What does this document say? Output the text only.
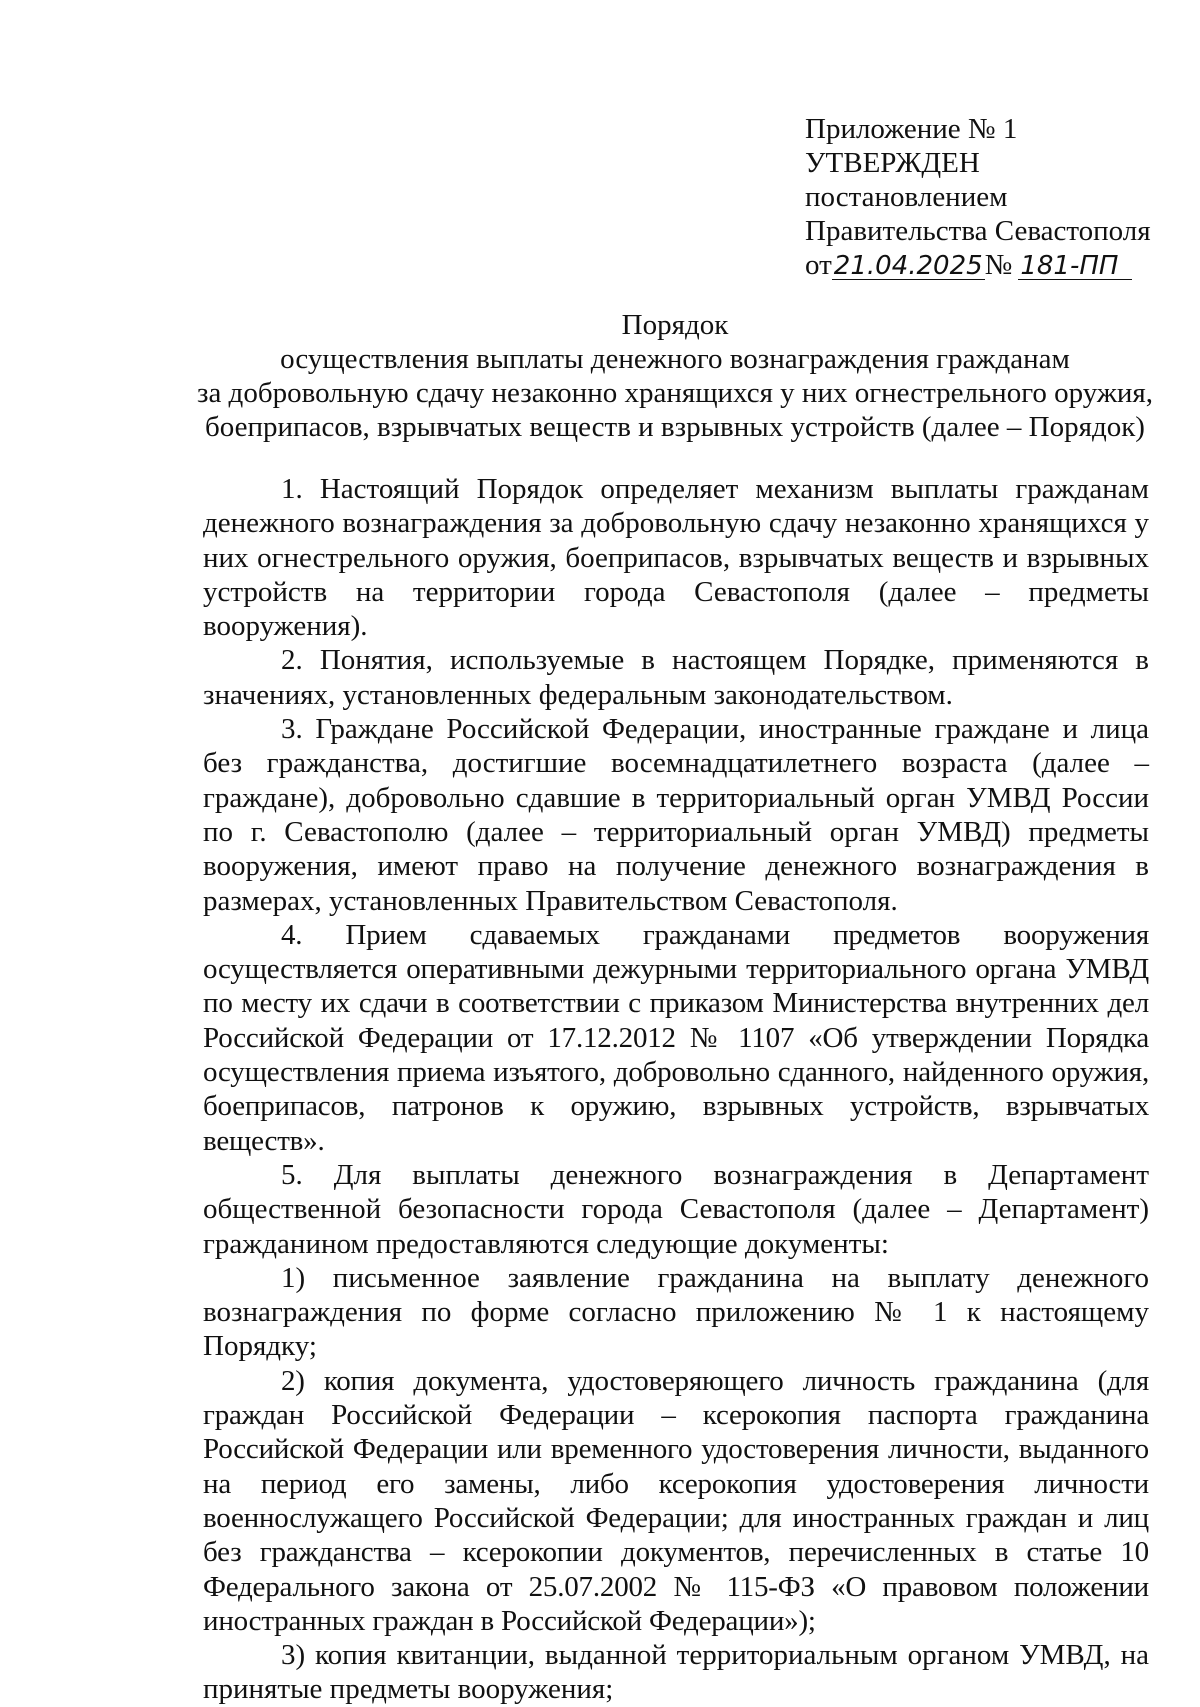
Приложение № 1
УТВЕРЖДЕН
постановлением
Правительства Севастополя
от 21.04.2025 № 181-ПП
Порядок
осуществления выплаты денежного вознаграждения гражданам
за добровольную сдачу незаконно хранящихся у них огнестрельного оружия,
боеприпасов, взрывчатых веществ и взрывных устройств (далее – Порядок)

1. Настоящий Порядок определяет механизм выплаты гражданам денежного вознаграждения за добровольную сдачу незаконно хранящихся у них огнестрельного оружия, боеприпасов, взрывчатых веществ и взрывных устройств на территории города Севастополя (далее – предметы вооружения).

2. Понятия, используемые в настоящем Порядке, применяются в значениях, установленных федеральным законодательством.

3. Граждане Российской Федерации, иностранные граждане и лица без гражданства, достигшие восемнадцатилетнего возраста (далее – граждане), добровольно сдавшие в территориальный орган УМВД России по г. Севастополю (далее – территориальный орган УМВД) предметы вооружения, имеют право на получение денежного вознаграждения в размерах, установленных Правительством Севастополя.

4. Прием сдаваемых гражданами предметов вооружения осуществляется оперативными дежурными территориального органа УМВД по месту их сдачи в соответствии с приказом Министерства внутренних дел Российской Федерации от 17.12.2012 № 1107 «Об утверждении Порядка осуществления приема изъятого, добровольно сданного, найденного оружия, боеприпасов, патронов к оружию, взрывных устройств, взрывчатых веществ».

5. Для выплаты денежного вознаграждения в Департамент общественной безопасности города Севастополя (далее – Департамент) гражданином предоставляются следующие документы:

1) письменное заявление гражданина на выплату денежного вознаграждения по форме согласно приложению № 1 к настоящему Порядку;

2) копия документа, удостоверяющего личность гражданина (для граждан Российской Федерации – ксерокопия паспорта гражданина Российской Федерации или временного удостоверения личности, выданного на период его замены, либо ксерокопия удостоверения личности военнослужащего Российской Федерации; для иностранных граждан и лиц без гражданства – ксерокопии документов, перечисленных в статье 10 Федерального закона от 25.07.2002 № 115-ФЗ «О правовом положении иностранных граждан в Российской Федерации»);

3) копия квитанции, выданной территориальным органом УМВД, на принятые предметы вооружения;
